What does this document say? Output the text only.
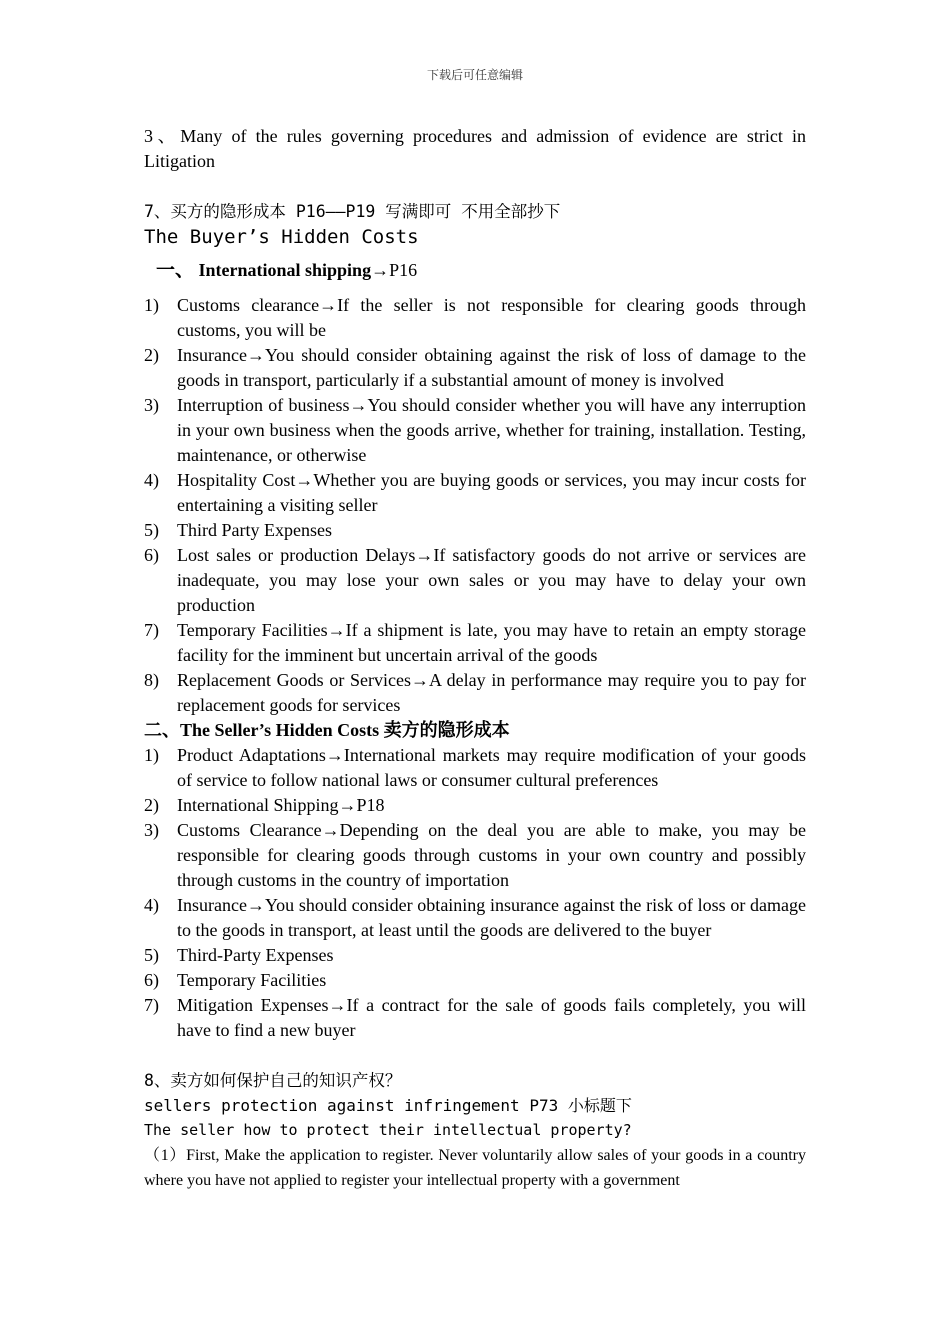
下载后可任意编辑

3、Many of the rules governing procedures and admission of evidence are strict in Litigation

7、买方的隐形成本 P16——P19 写满即可 不用全部抄下

The Buyer’s Hidden Costs

一、 International shipping→P16

1) Customs clearance→If the seller is not responsible for clearing goods through customs, you will be
2) Insurance→You should consider obtaining against the risk of loss of damage to the goods in transport, particularly if a substantial amount of money is involved
3) Interruption of business→You should consider whether you will have any interruption in your own business when the goods arrive, whether for training, installation. Testing, maintenance, or otherwise
4) Hospitality Cost→Whether you are buying goods or services, you may incur costs for entertaining a visiting seller
5) Third Party Expenses
6) Lost sales or production Delays→If satisfactory goods do not arrive or services are inadequate, you may lose your own sales or you may have to delay your own production
7) Temporary Facilities→If a shipment is late, you may have to retain an empty storage facility for the imminent but uncertain arrival of the goods
8) Replacement Goods or Services→A delay in performance may require you to pay for replacement goods for services

二、The Seller’s Hidden Costs 卖方的隐形成本

1) Product Adaptations→International markets may require modification of your goods of service to follow national laws or consumer cultural preferences
2) International Shipping→P18
3) Customs Clearance→Depending on the deal you are able to make, you may be responsible for clearing goods through customs in your own country and possibly through customs in the country of importation
4) Insurance→You should consider obtaining insurance against the risk of loss or damage to the goods in transport, at least until the goods are delivered to the buyer
5) Third-Party Expenses
6) Temporary Facilities
7) Mitigation Expenses→If a contract for the sale of goods fails completely, you will have to find a new buyer

8、卖方如何保护自己的知识产权？

sellers protection against infringement P73 小标题下

The seller how to protect their intellectual property?

（1）First, Make the application to register. Never voluntarily allow sales of your goods in a country where you have not applied to register your intellectual property with a government
